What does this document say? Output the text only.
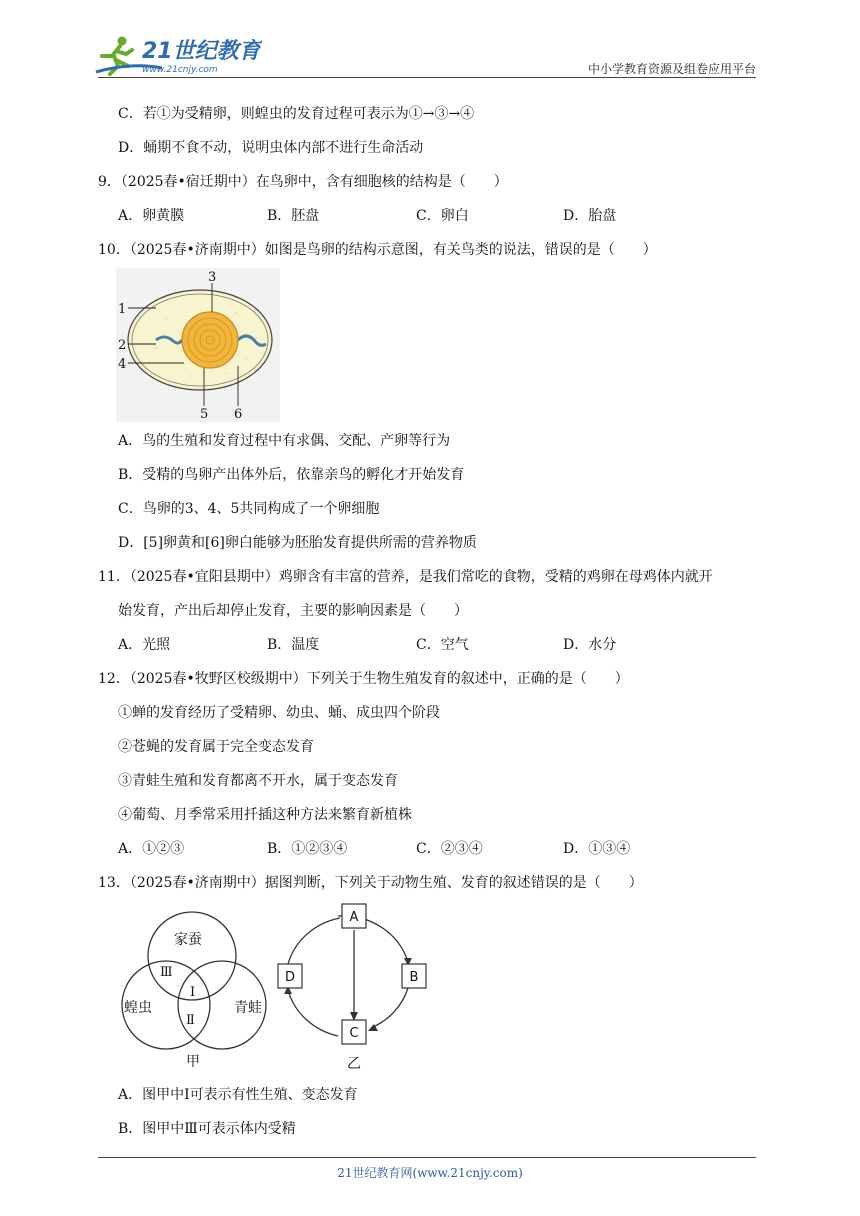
21世纪教育
www.21cnjy.com	中小学教育资源及组卷应用平台
C．若①为受精卵，则蝗虫的发育过程可表示为①→③→④
D．蛹期不食不动，说明虫体内部不进行生命活动
9．（2025春•宿迁期中）在鸟卵中，含有细胞核的结构是（　　）
A．卵黄膜	B．胚盘	C．卵白	D．胎盘
10．（2025春•济南期中）如图是鸟卵的结构示意图，有关鸟类的说法，错误的是（　　）
3
1
2
4
5 6
A．鸟的生殖和发育过程中有求偶、交配、产卵等行为
B．受精的鸟卵产出体外后，依靠亲鸟的孵化才开始发育
C．鸟卵的3、4、5共同构成了一个卵细胞
D．[5]卵黄和[6]卵白能够为胚胎发育提供所需的营养物质
11．（2025春•宜阳县期中）鸡卵含有丰富的营养，是我们常吃的食物，受精的鸡卵在母鸡体内就开
始发育，产出后却停止发育，主要的影响因素是（　　）
A．光照	B．温度	C．空气	D．水分
12．（2025春•牧野区校级期中）下列关于生物生殖发育的叙述中，正确的是（　　）
①蝉的发育经历了受精卵、幼虫、蛹、成虫四个阶段
②苍蝇的发育属于完全变态发育
③青蛙生殖和发育都离不开水，属于变态发育
④葡萄、月季常采用扦插这种方法来繁育新植株
A．①②③	B．①②③④	C．②③④	D．①③④
13．（2025春•济南期中）据图判断，下列关于动物生殖、发育的叙述错误的是（　　）
家蚕
蝗虫	青蛙
Ⅲ
Ⅰ
Ⅱ
甲
A
B
C
D
乙
A．图甲中Ⅰ可表示有性生殖、变态发育
B．图甲中Ⅲ可表示体内受精
21世纪教育网(www.21cnjy.com)
